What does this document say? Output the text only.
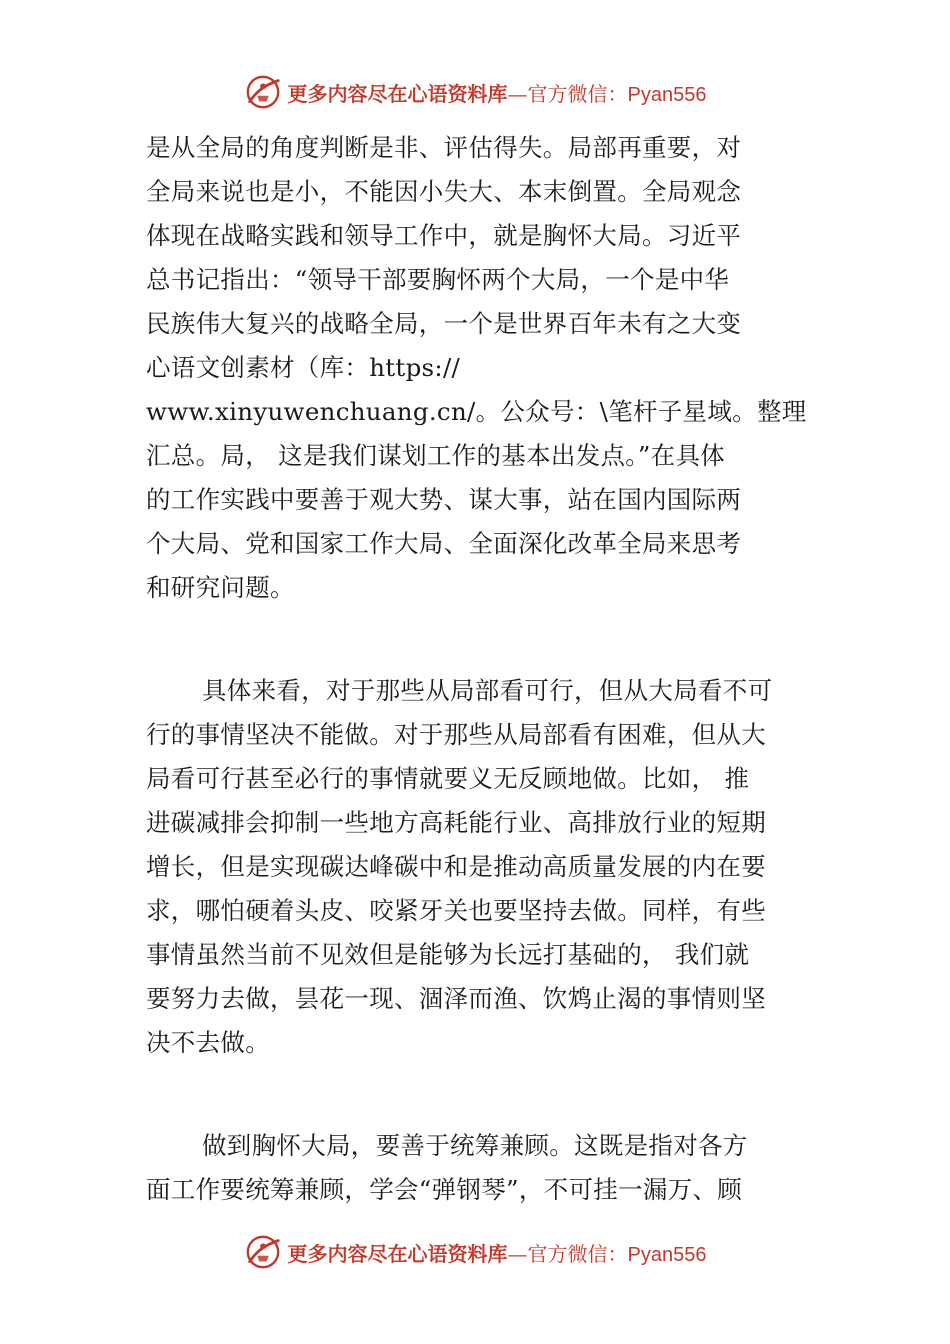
更多内容尽在心语资料库—官方微信：Pyan556
是从全局的角度判断是非、评估得失。局部再重要，对
全局来说也是小，不能因小失大、本末倒置。全局观念
体现在战略实践和领导工作中，就是胸怀大局。习近平
总书记指出：“领导干部要胸怀两个大局，一个是中华
民族伟大复兴的战略全局，一个是世界百年未有之大变
心语文创素材（库：https://
www.xinyuwenchuang.cn/。公众号：\笔杆子星域。整理
汇总。局， 这是我们谋划工作的基本出发点。”在具体
的工作实践中要善于观大势、谋大事，站在国内国际两
个大局、党和国家工作大局、全面深化改革全局来思考
和研究问题。
具体来看，对于那些从局部看可行，但从大局看不可
行的事情坚决不能做。对于那些从局部看有困难，但从大
局看可行甚至必行的事情就要义无反顾地做。比如， 推
进碳减排会抑制一些地方高耗能行业、高排放行业的短期
增长，但是实现碳达峰碳中和是推动高质量发展的内在要
求，哪怕硬着头皮、咬紧牙关也要坚持去做。同样，有些
事情虽然当前不见效但是能够为长远打基础的， 我们就
要努力去做，昙花一现、涸泽而渔、饮鸩止渴的事情则坚
决不去做。
做到胸怀大局，要善于统筹兼顾。这既是指对各方
面工作要统筹兼顾，学会“弹钢琴”，不可挂一漏万、顾
更多内容尽在心语资料库—官方微信：Pyan556
